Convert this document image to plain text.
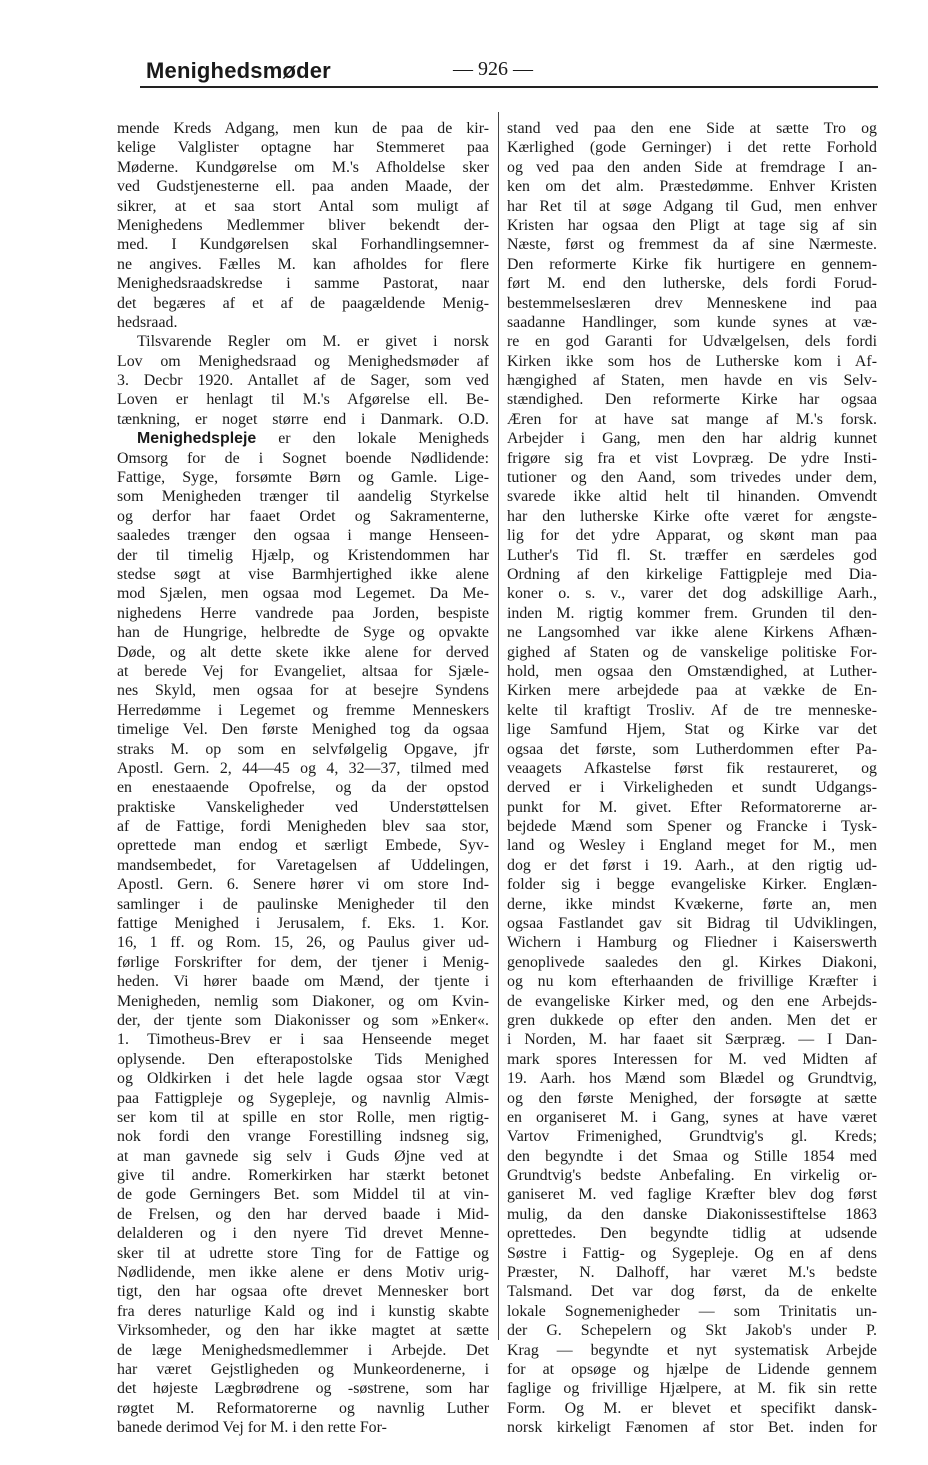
Menighedsmøder	— 926 —
mende Kreds Adgang, men kun de paa de kir-
kelige Valglister optagne har Stemmeret paa
Møderne. Kundgørelse om M.'s Afholdelse sker
ved Gudstjenesterne ell. paa anden Maade, der
sikrer, at et saa stort Antal som muligt af
Menighedens Medlemmer bliver bekendt der-
med. I Kundgørelsen skal Forhandlingsemner-
ne angives. Fælles M. kan afholdes for flere
Menighedsraadskredse i samme Pastorat, naar
det begæres af et af de paagældende Menig-
hedsraad.
Tilsvarende Regler om M. er givet i norsk
Lov om Menighedsraad og Menighedsmøder af
3. Decbr 1920. Antallet af de Sager, som ved
Loven er henlagt til M.'s Afgørelse ell. Be-
tænkning, er noget større end i Danmark. O.D.
Menighedspleje er den lokale Menigheds
Omsorg for de i Sognet boende Nødlidende:
Fattige, Syge, forsømte Børn og Gamle. Lige-
som Menigheden trænger til aandelig Styrkelse
og derfor har faaet Ordet og Sakramenterne,
saaledes trænger den ogsaa i mange Henseen-
der til timelig Hjælp, og Kristendommen har
stedse søgt at vise Barmhjertighed ikke alene
mod Sjælen, men ogsaa mod Legemet. Da Me-
nighedens Herre vandrede paa Jorden, bespiste
han de Hungrige, helbredte de Syge og opvakte
Døde, og alt dette skete ikke alene for derved
at berede Vej for Evangeliet, altsaa for Sjæle-
nes Skyld, men ogsaa for at besejre Syndens
Herredømme i Legemet og fremme Menneskers
timelige Vel. Den første Menighed tog da ogsaa
straks M. op som en selvfølgelig Opgave, jfr
Apostl. Gern. 2, 44—45 og 4, 32—37, tilmed med
en enestaaende Opofrelse, og da der opstod
praktiske Vanskeligheder ved Understøttelsen
af de Fattige, fordi Menigheden blev saa stor,
oprettede man endog et særligt Embede, Syv-
mandsembedet, for Varetagelsen af Uddelingen,
Apostl. Gern. 6. Senere hører vi om store Ind-
samlinger i de paulinske Menigheder til den
fattige Menighed i Jerusalem, f. Eks. 1. Kor.
16, 1 ff. og Rom. 15, 26, og Paulus giver ud-
førlige Forskrifter for dem, der tjener i Menig-
heden. Vi hører baade om Mænd, der tjente i
Menigheden, nemlig som Diakoner, og om Kvin-
der, der tjente som Diakonisser og som »Enker«.
1. Timotheus-Brev er i saa Henseende meget
oplysende. Den efterapostolske Tids Menighed
og Oldkirken i det hele lagde ogsaa stor Vægt
paa Fattigpleje og Sygepleje, og navnlig Almis-
ser kom til at spille en stor Rolle, men rigtig-
nok fordi den vrange Forestilling indsneg sig,
at man gavnede sig selv i Guds Øjne ved at
give til andre. Romerkirken har stærkt betonet
de gode Gerningers Bet. som Middel til at vin-
de Frelsen, og den har derved baade i Mid-
delalderen og i den nyere Tid drevet Menne-
sker til at udrette store Ting for de Fattige og
Nødlidende, men ikke alene er dens Motiv urig-
tigt, den har ogsaa ofte drevet Mennesker bort
fra deres naturlige Kald og ind i kunstig skabte
Virksomheder, og den har ikke magtet at sætte
de læge Menighedsmedlemmer i Arbejde. Det
har været Gejstligheden og Munkeordenerne, i
det højeste Lægbrødrene og -søstrene, som har
røgtet M. Reformatorerne og navnlig Luther
banede derimod Vej for M. i den rette For-
stand ved paa den ene Side at sætte Tro og
Kærlighed (gode Gerninger) i det rette Forhold
og ved paa den anden Side at fremdrage I an-
ken om det alm. Præstedømme. Enhver Kristen
har Ret til at søge Adgang til Gud, men enhver
Kristen har ogsaa den Pligt at tage sig af sin
Næste, først og fremmest da af sine Nærmeste.
Den reformerte Kirke fik hurtigere en gennem-
ført M. end den lutherske, dels fordi Forud-
bestemmelseslæren drev Menneskene ind paa
saadanne Handlinger, som kunde synes at væ-
re en god Garanti for Udvælgelsen, dels fordi
Kirken ikke som hos de Lutherske kom i Af-
hængighed af Staten, men havde en vis Selv-
stændighed. Den reformerte Kirke har ogsaa
Æren for at have sat mange af M.'s forsk.
Arbejder i Gang, men den har aldrig kunnet
frigøre sig fra et vist Lovpræg. De ydre Insti-
tutioner og den Aand, som trivedes under dem,
svarede ikke altid helt til hinanden. Omvendt
har den lutherske Kirke ofte været for ængste-
lig for det ydre Apparat, og skønt man paa
Luther's Tid fl. St. træffer en særdeles god
Ordning af den kirkelige Fattigpleje med Dia-
koner o. s. v., varer det dog adskillige Aarh.,
inden M. rigtig kommer frem. Grunden til den-
ne Langsomhed var ikke alene Kirkens Afhæn-
gighed af Staten og de vanskelige politiske For-
hold, men ogsaa den Omstændighed, at Luther-
Kirken mere arbejdede paa at vække de En-
kelte til kraftigt Trosliv. Af de tre menneske-
lige Samfund Hjem, Stat og Kirke var det
ogsaa det første, som Lutherdommen efter Pa-
veaagets Afkastelse først fik restaureret, og
derved er i Virkeligheden et sundt Udgangs-
punkt for M. givet. Efter Reformatorerne ar-
bejdede Mænd som Spener og Francke i Tysk-
land og Wesley i England meget for M., men
dog er det først i 19. Aarh., at den rigtig ud-
folder sig i begge evangeliske Kirker. Englæn-
derne, ikke mindst Kvækerne, førte an, men
ogsaa Fastlandet gav sit Bidrag til Udviklingen,
Wichern i Hamburg og Fliedner i Kaiserswerth
genoplivede saaledes den gl. Kirkes Diakoni,
og nu kom efterhaanden de frivillige Kræfter i
de evangeliske Kirker med, og den ene Arbejds-
gren dukkede op efter den anden. Men det er
i Norden, M. har faaet sit Særpræg. — I Dan-
mark spores Interessen for M. ved Midten af
19. Aarh. hos Mænd som Blædel og Grundtvig,
og den første Menighed, der forsøgte at sætte
en organiseret M. i Gang, synes at have været
Vartov Frimenighed, Grundtvig's gl. Kreds;
den begyndte i det Smaa og Stille 1854 med
Grundtvig's bedste Anbefaling. En virkelig or-
ganiseret M. ved faglige Kræfter blev dog først
mulig, da den danske Diakonissestiftelse 1863
oprettedes. Den begyndte tidlig at udsende
Søstre i Fattig- og Sygepleje. Og en af dens
Præster, N. Dalhoff, har været M.'s bedste
Talsmand. Det var dog først, da de enkelte
lokale Sognemenigheder — som Trinitatis un-
der G. Schepelern og Skt Jakob's under P.
Krag — begyndte et nyt systematisk Arbejde
for at opsøge og hjælpe de Lidende gennem
faglige og frivillige Hjælpere, at M. fik sin rette
Form. Og M. er blevet et specifikt dansk-
norsk kirkeligt Fænomen af stor Bet. inden for
